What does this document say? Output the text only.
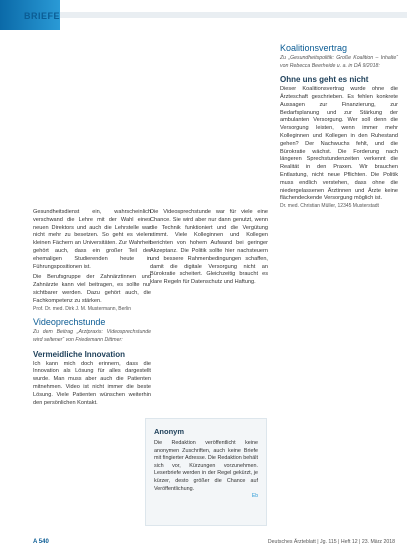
BRIEFE

Gesundheitsdienst ein, wahrscheinlich verschwand die Lehre mit der Wahl eines neuen Direktors und auch die Lehrstelle war nicht mehr zu besetzen. So geht es vielen kleinen Fächern an Universitäten. Zur Wahrheit gehört auch, dass ein großer Teil der ehemaligen Studierenden heute in Führungspositionen ist.

Die Berufsgruppe der Zahnärztinnen und Zahnärzte kann viel beitragen, es sollte nur sichtbarer werden. Dazu gehört auch, die Fachkompetenz zu stärken.

Prof. Dr. med. Dirk J. M. Mustermann, Berlin

Videoprechstunde

Zu dem Beitrag „Arztpraxis: Videosprechstunde wird seltener“ von Friedemann Dittmer:

Vermeidliche Innovation

Ich kann mich doch erinnern, dass die Innovation als Lösung für alles dargestellt wurde. Man muss aber auch die Patienten mitnehmen. Video ist nicht immer die beste Lösung. Viele Patienten wünschen weiterhin den persönlichen Kontakt.

Die Videosprechstunde war für viele eine Chance. Sie wird aber nur dann genutzt, wenn die Technik funktioniert und die Vergütung stimmt. Viele Kolleginnen und Kollegen berichten von hohem Aufwand bei geringer Akzeptanz. Die Politik sollte hier nachsteuern und bessere Rahmenbedingungen schaffen, damit die digitale Versorgung nicht an Bürokratie scheitert. Gleichzeitig braucht es klare Regeln für Datenschutz und Haftung.

Anonym

Die Redaktion veröffentlicht keine anonymen Zuschriften, auch keine Briefe mit fingierter Adresse. Die Redaktion behält sich vor, Kürzungen vorzunehmen. Leserbriefe werden in der Regel gekürzt, je kürzer, desto größer die Chance auf Veröffentlichung.

Eb
Koalitionsvertrag

Zu „Gesundheitspolitik: Große Koalition – Inhalte“ von Rebecca Beerheide u. a. in DÄ 9/2018:

Ohne uns geht es nicht

Dieser Koalitionsvertrag wurde ohne die Ärzteschaft geschrieben. Es fehlen konkrete Aussagen zur Finanzierung, zur Bedarfsplanung und zur Stärkung der ambulanten Versorgung. Wer soll denn die Versorgung leisten, wenn immer mehr Kolleginnen und Kollegen in den Ruhestand gehen? Der Nachwuchs fehlt, und die Bürokratie wächst. Die Forderung nach längeren Sprechstundenzeiten verkennt die Realität in den Praxen. Wir brauchen Entlastung, nicht neue Pflichten. Die Politik muss endlich verstehen, dass ohne die niedergelassenen Ärztinnen und Ärzte keine flächendeckende Versorgung möglich ist.

Dr. med. Christian Müller, 12345 Musterstadt

A 540	Deutsches Ärzteblatt | Jg. 115 | Heft 12 | 23. März 2018
